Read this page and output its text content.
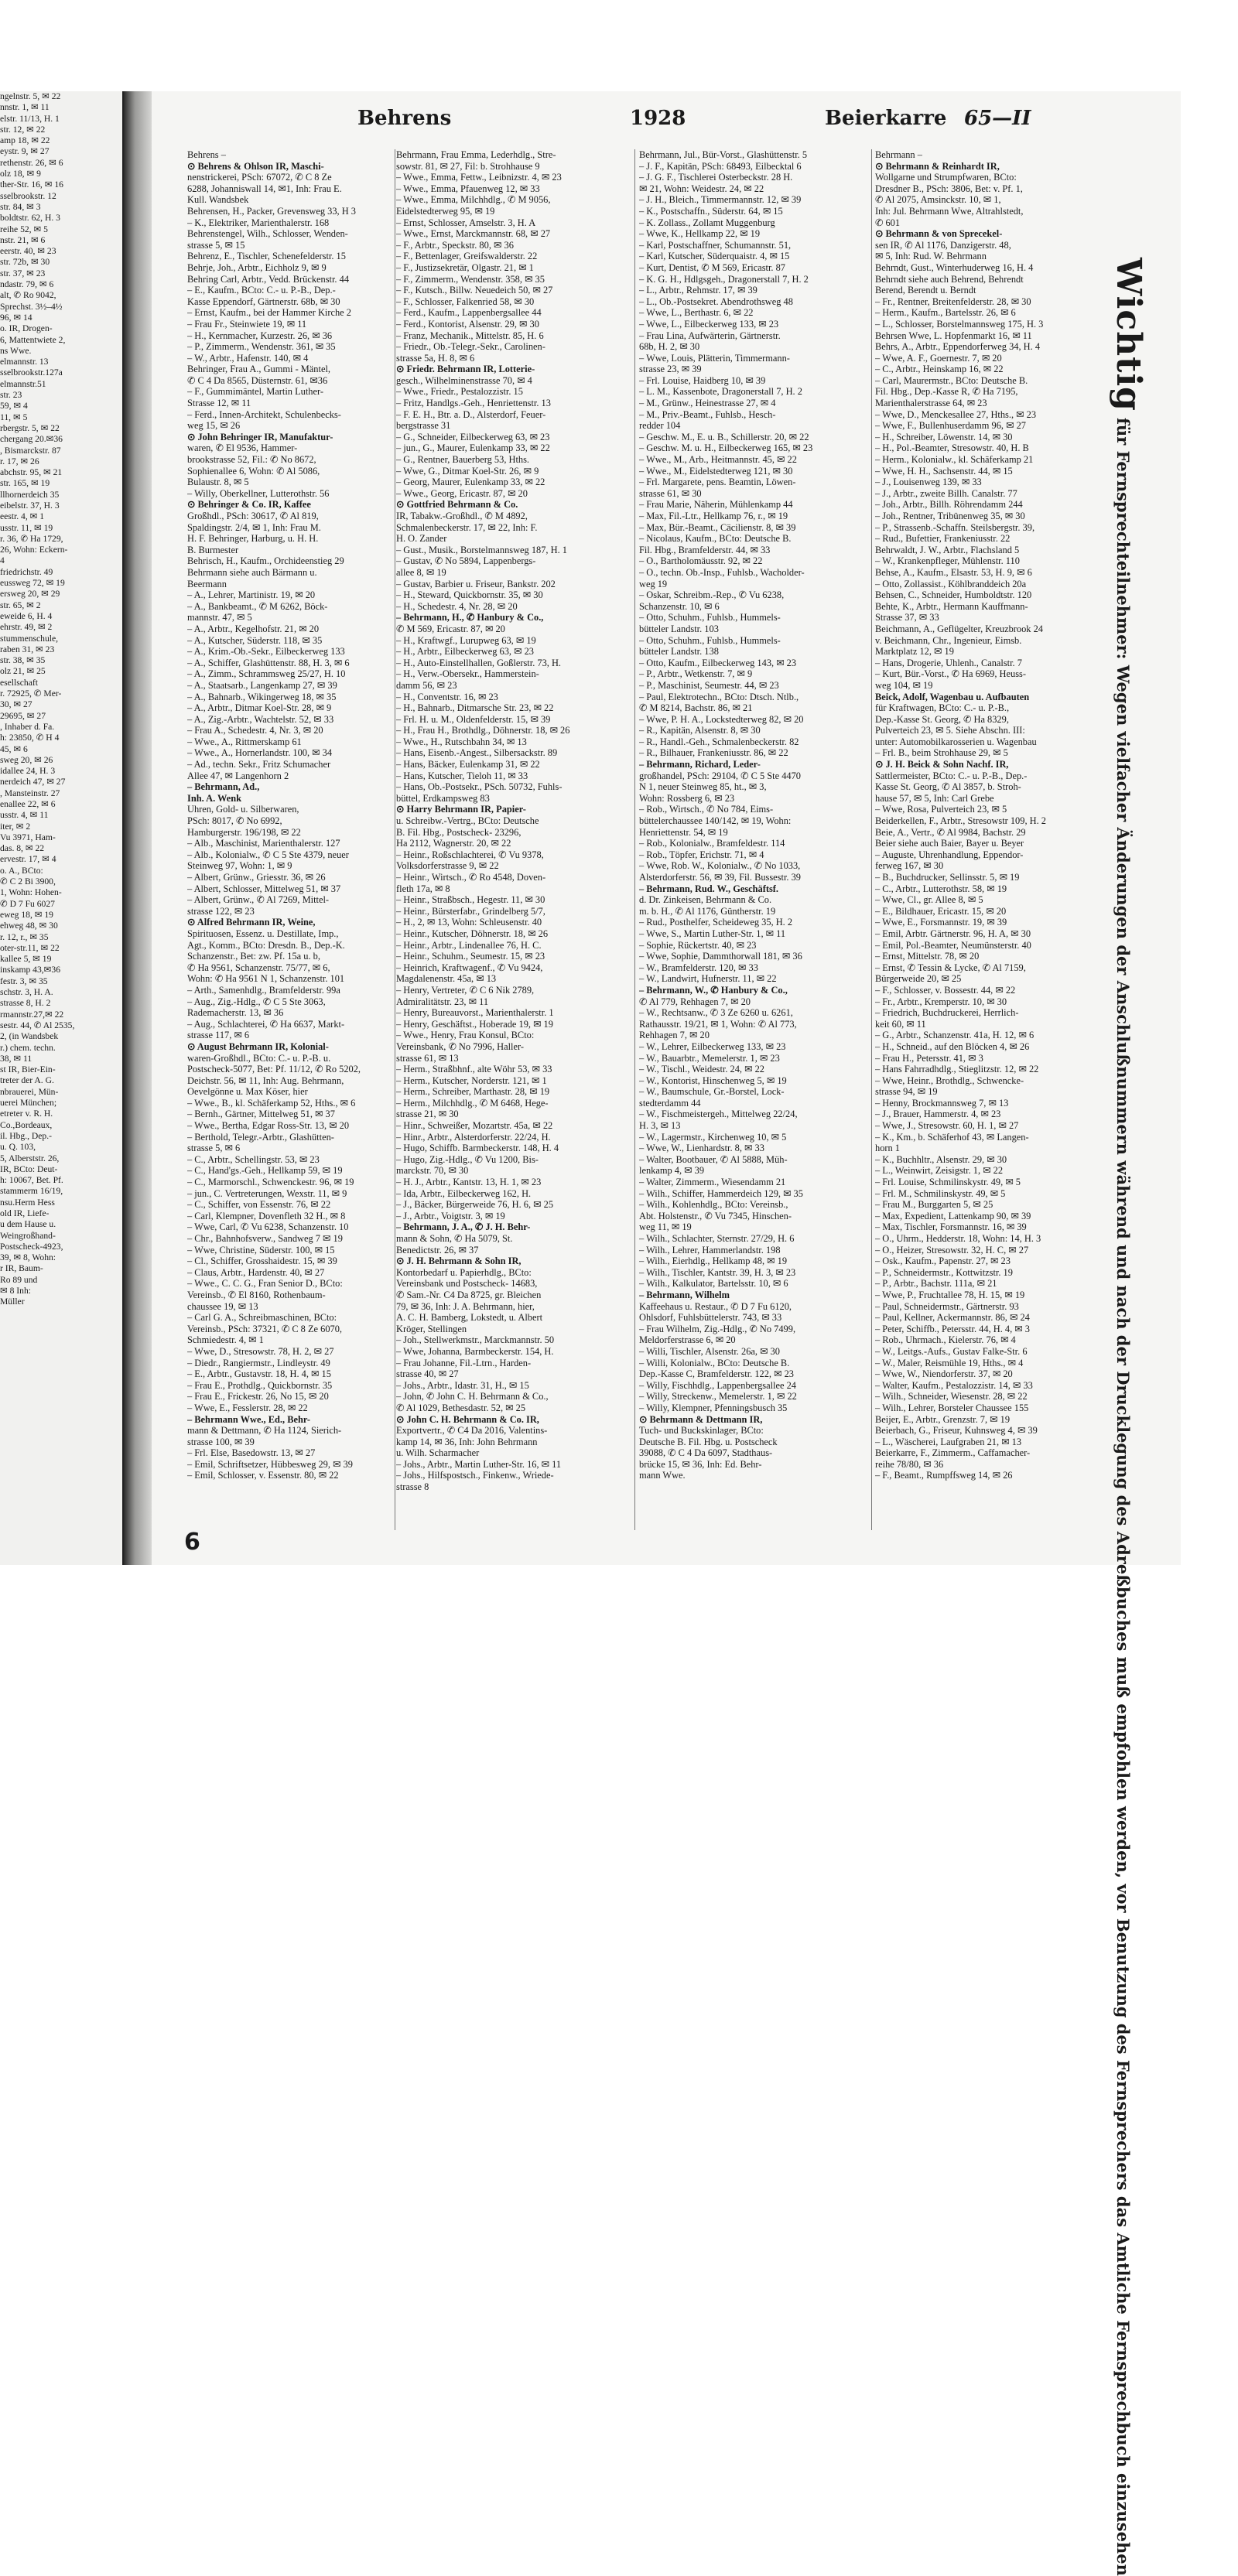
ngelnstr. 5, ✉ 22
nnstr. 1, ✉ 11
elstr. 11/13, H. 1
str. 12, ✉ 22
amp 18, ✉ 22
eystr. 9, ✉ 27
rethenstr. 26, ✉ 6
olz 18, ✉ 9
ther-Str. 16, ✉ 16
sselbrookstr. 12
str. 84, ✉ 3
boldtstr. 62, H. 3
reihe 52, ✉ 5
nstr. 21, ✉ 6
eerstr. 40, ✉ 23
str. 72b, ✉ 30
str. 37, ✉ 23
ndastr. 79, ✉ 6
alt, ✆ Ro 9042,
Sprechst. 3½–4½
96, ✉ 14
o. IR, Drogen-
6, Mattentwiete 2,
ns Wwe.
elmannstr. 13
sselbrookstr.127a
elmannstr.51
str. 23
59, ✉ 4
11, ✉ 5
rbergstr. 5, ✉ 22
chergang 20.✉36
, Bismarckstr. 87
r. 17, ✉ 26
abchstr. 95, ✉ 21
str. 165, ✉ 19
llhornerdeich 35
eibelstr. 37, H. 3
eestr. 4, ✉ 1
usstr. 11, ✉ 19
r. 36, ✆ Ha 1729,
26, Wohn: Eckern-
4
friedrichstr. 49
eussweg 72, ✉ 19
ersweg 20, ✉ 29
str. 65, ✉ 2
eweide 6, H. 4
ehrstr. 49, ✉ 2
stummenschule,
raben 31, ✉ 23
str. 38, ✉ 35
olz 21, ✉ 25
esellschaft
r. 72925, ✆ Mer-
30, ✉ 27
29695, ✉ 27
, Inhaber d. Fa.
h: 23850, ✆ H 4
45, ✉ 6
sweg 20, ✉ 26
idallee 24, H. 3
nerdeich 47, ✉ 27
, Mansteinstr. 27
enallee 22, ✉ 6
usstr. 4, ✉ 11
iter, ✉ 2
Vu 3971, Ham-
das. 8, ✉ 22
ervestr. 17, ✉ 4
o. A., BCto:
✆ C 2 Bi 3900,
1, Wohn: Hohen-
✆ D 7 Fu 6027
eweg 18, ✉ 19
ehweg 48, ✉ 30
r. 12, r., ✉ 35
oter-str.11, ✉ 22
kallee 5, ✉ 19
inskamp 43,✉36
festr. 3, ✉ 35
schstr. 3, H. A.
strasse 8, H. 2
rmannstr.27,✉ 22
sestr. 44, ✆ Al 2535,
2, (in Wandsbek
r.) chem. techn.
38, ✉ 11
st IR, Bier-Ein-
treter der A. G.
nbrauerei, Mün-
uerei München;
etreter v. R. H.
Co.,Bordeaux,
il. Hbg., Dep.-
u. Q. 103,
5, Alberststr. 26,
IR, BCto: Deut-
h: 10067, Bet. Pf.
stammerm 16/19,
nsu.Herm Hess
old IR, Liefe-
u dem Hause u.
Weingroßhand-
Postscheck-4923,
39, ✉ 8, Wohn:
r IR, Baum-
Ro 89 und
✉ 8 Inh:
Müller
Behrens	1928	Beierkarre 65—II
Behrens –
⊙ Behrens & Ohlson IR, Maschi-
nenstrickerei, PSch: 67072, ✆ C 8 Ze
6288, Johanniswall 14, ✉1, Inh: Frau E.
Kull. Wandsbek
Behrensen, H., Packer, Grevensweg 33, H 3
– K., Elektriker, Marienthalerstr. 168
Behrenstengel, Wilh., Schlosser, Wenden-
strasse 5, ✉ 15
Behrenz, E., Tischler, Schenefelderstr. 15
Behrje, Joh., Arbtr., Eichholz 9, ✉ 9
Behring Carl, Arbtr., Vedd. Brückenstr. 44
– E., Kaufm., BCto: C.- u. P.-B., Dep.-
Kasse Eppendorf, Gärtnerstr. 68b, ✉ 30
– Ernst, Kaufm., bei der Hammer Kirche 2
– Frau Fr., Steinwiete 19, ✉ 11
– H., Kernmacher, Kurzestr. 26, ✉ 36
– P., Zimmerm., Wendenstr. 361, ✉ 35
– W., Arbtr., Hafenstr. 140, ✉ 4
Behringer, Frau A., Gummi - Mäntel,
✆ C 4 Da 8565, Düsternstr. 61, ✉36
– F., Gummimäntel, Martin Luther-
Strasse 12, ✉ 11
– Ferd., Innen-Architekt, Schulenbecks-
weg 15, ✉ 26
⊙ John Behringer IR, Manufaktur-
waren, ✆ El 9536, Hammer-
brookstrasse 52, Fil.: ✆ No 8672,
Sophienallee 6, Wohn: ✆ Al 5086,
Bulaustr. 8, ✉ 5
– Willy, Oberkellner, Lutterothstr. 56
⊙ Behringer & Co. IR, Kaffee
Großhdl., PSch: 30617, ✆ Al 819,
Spaldingstr. 2/4, ✉ 1, Inh: Frau M.
H. F. Behringer, Harburg, u. H. H.
B. Burmester
Behrisch, H., Kaufm., Orchideenstieg 29
Behrmann siehe auch Bärmann u.
Beermann
– A., Lehrer, Martinistr. 19, ✉ 20
– A., Bankbeamt., ✆ M 6262, Böck-
mannstr. 47, ✉ 5
– A., Arbtr., Kegelhofstr. 21, ✉ 20
– A., Kutscher, Süderstr. 118, ✉ 35
– A., Krim.-Ob.-Sekr., Eilbeckerweg 133
– A., Schiffer, Glashüttenstr. 88, H. 3, ✉ 6
– A., Zimm., Schrammsweg 25/27, H. 10
– A., Staatsarb., Langenkamp 27, ✉ 39
– A., Bahnarb., Wikingerweg 18, ✉ 35
– A., Arbtr., Ditmar Koel-Str. 28, ✉ 9
– A., Zig.-Arbtr., Wachtelstr. 52, ✉ 33
– Frau A., Schedestr. 4, Nr. 3, ✉ 20
– Wwe., A., Rittmerskamp 61
– Wwe., A., Hornerlandstr. 100, ✉ 34
– Ad., techn. Sekr., Fritz Schumacher
Allee 47, ✉ Langenhorn 2
– Behrmann, Ad.,
Inh. A. Wenk
Uhren, Gold- u. Silberwaren,
PSch: 8017, ✆ No 6992,
Hamburgerstr. 196/198, ✉ 22
– Alb., Maschinist, Marienthalerstr. 127
– Alb., Kolonialw., ✆ C 5 Ste 4379, neuer
Steinweg 97, Wohn: 1, ✉ 9
– Albert, Grünw., Griesstr. 36, ✉ 26
– Albert, Schlosser, Mittelweg 51, ✉ 37
– Albert, Grünw., ✆ Al 7269, Mittel-
strasse 122, ✉ 23
⊙ Alfred Behrmann IR, Weine,
Spirituosen, Essenz. u. Destillate, Imp.,
Agt., Komm., BCto: Dresdn. B., Dep.-K.
Schanzenstr., Bet: zw. Pf. 15a u. b,
✆ Ha 9561, Schanzenstr. 75/77, ✉ 6,
Wohn: ✆ Ha 9561 N 1, Schanzenstr. 101
– Arth., Samenhdlg., Bramfelderstr. 99a
– Aug., Zig.-Hdlg., ✆ C 5 Ste 3063,
Rademacherstr. 13, ✉ 36
– Aug., Schlachterei, ✆ Ha 6637, Markt-
strasse 117, ✉ 6
⊙ August Behrmann IR, Kolonial-
waren-Großhdl., BCto: C.- u. P.-B. u.
Postscheck-5077, Bet: Pf. 11/12, ✆ Ro 5202,
Deichstr. 56, ✉ 11, Inh: Aug. Behrmann,
Oevelgönne u. Max Köser, hier
– Wwe., B., kl. Schäferkamp 52, Hths., ✉ 6
– Bernh., Gärtner, Mittelweg 51, ✉ 37
– Wwe., Bertha, Edgar Ross-Str. 13, ✉ 20
– Berthold, Telegr.-Arbtr., Glashütten-
strasse 5, ✉ 6
– C., Arbtr., Schellingstr. 53, ✉ 23
– C., Hand'gs.-Geh., Hellkamp 59, ✉ 19
– C., Marmorschl., Schwenckestr. 96, ✉ 19
– jun., C. Vertreterungen, Wexstr. 11, ✉ 9
– C., Schiffer, von Essenstr. 76, ✉ 22
– Carl, Klempner, Dovenfleth 32 H., ✉ 8
– Wwe, Carl, ✆ Vu 6238, Schanzenstr. 10
– Chr., Bahnhofsverw., Sandweg 7 ✉ 19
– Wwe, Christine, Süderstr. 100, ✉ 15
– Cl., Schiffer, Grosshaidestr. 15, ✉ 39
– Claus, Arbtr., Hardenstr. 40, ✉ 27
– Wwe., C. C. G., Fran Senior D., BCto:
Vereinsb., ✆ El 8160, Rothenbaum-
chaussee 19, ✉ 13
– Carl G. A., Schreibmaschinen, BCto:
Vereinsb., PSch: 37321, ✆ C 8 Ze 6070,
Schmiedestr. 4, ✉ 1
– Wwe, D., Stresowstr. 78, H. 2, ✉ 27
– Diedr., Rangiermstr., Lindleystr. 49
– E., Arbtr., Gustavstr. 18, H. 4, ✉ 15
– Frau E., Prothdlg., Quickbornstr. 35
– Frau E., Frickestr. 26, No 15, ✉ 20
– Wwe, E., Fesslerstr. 28, ✉ 22
– Behrmann Wwe., Ed., Behr-
mann & Dettmann, ✆ Ha 1124, Sierich-
strasse 100, ✉ 39
– Frl. Else, Basedowstr. 13, ✉ 27
– Emil, Schriftsetzer, Hübbesweg 29, ✉ 39
– Emil, Schlosser, v. Essenstr. 80, ✉ 22
Behrmann, Frau Emma, Lederhdlg., Stre-
sowstr. 81, ✉ 27, Fil: b. Strohhause 9
– Wwe., Emma, Fettw., Leibnizstr. 4, ✉ 23
– Wwe., Emma, Pfauenweg 12, ✉ 33
– Wwe., Emma, Milchhdlg., ✆ M 9056,
Eidelstedterweg 95, ✉ 19
– Ernst, Schlosser, Amselstr. 3, H. A
– Wwe., Ernst, Marckmannstr. 68, ✉ 27
– F., Arbtr., Speckstr. 80, ✉ 36
– F., Bettenlager, Greifswalderstr. 22
– F., Justizsekretär, Olgastr. 21, ✉ 1
– F., Zimmerm., Wendenstr. 358, ✉ 35
– F., Kutsch., Billw. Neuedeich 50, ✉ 27
– F., Schlosser, Falkenried 58, ✉ 30
– Ferd., Kaufm., Lappenbergsallee 44
– Ferd., Kontorist, Alsenstr. 29, ✉ 30
– Franz, Mechanik., Mittelstr. 85, H. 6
– Friedr., Ob.-Telegr.-Sekr., Carolinen-
strasse 5a, H. 8, ✉ 6
⊙ Friedr. Behrmann IR, Lotterie-
gesch., Wilhelminenstrasse 70, ✉ 4
– Wwe., Friedr., Pestalozzistr. 15
– Fritz, Handlgs.-Geh., Henriettenstr. 13
– F. E. H., Btr. a. D., Alsterdorf, Feuer-
bergstrasse 31
– G., Schneider, Eilbeckerweg 63, ✉ 23
– jun., G., Maurer, Eulenkamp 33, ✉ 22
– G., Rentner, Bauerberg 53, Hths.
– Wwe, G., Ditmar Koel-Str. 26, ✉ 9
– Georg, Maurer, Eulenkamp 33, ✉ 22
– Wwe., Georg, Ericastr. 87, ✉ 20
⊙ Gottfried Behrmann & Co.
IR, Tabakw.-Großhdl., ✆ M 4892,
Schmalenbeckerstr. 17, ✉ 22, Inh: F.
H. O. Zander
– Gust., Musik., Borstelmannsweg 187, H. 1
– Gustav, ✆ No 5894, Lappenbergs-
allee 8, ✉ 19
– Gustav, Barbier u. Friseur, Bankstr. 202
– H., Steward, Quickbornstr. 35, ✉ 30
– H., Schedestr. 4, Nr. 28, ✉ 20
– Behrmann, H., ✆ Hanbury & Co.,
✆ M 569, Ericastr. 87, ✉ 20
– H., Kraftwgf., Lurupweg 63, ✉ 19
– H., Arbtr., Eilbeckerweg 63, ✉ 23
– H., Auto-Einstellhallen, Goßlerstr. 73, H.
– H., Verw.-Obersekr., Hammerstein-
damm 56, ✉ 23
– H., Conventstr. 16, ✉ 23
– H., Bahnarb., Ditmarsche Str. 23, ✉ 22
– Frl. H. u. M., Oldenfelderstr. 15, ✉ 39
– H., Frau H., Brothdlg., Döhnerstr. 18, ✉ 26
– Wwe., H., Rutschbahn 34, ✉ 13
– Hans, Eisenb.-Angest., Silbersackstr. 89
– Hans, Bäcker, Eulenkamp 31, ✉ 22
– Hans, Kutscher, Tieloh 11, ✉ 33
– Hans, Ob.-Postsekr., PSch. 50732, Fuhls-
büttel, Erdkampsweg 83
⊙ Harry Behrmann IR, Papier-
u. Schreibw.-Vertrg., BCto: Deutsche
B. Fil. Hbg., Postscheck- 23296,
Ha 2112, Wagnerstr. 20, ✉ 22
– Heinr., Roßschlachterei, ✆ Vu 9378,
Volksdorferstrasse 9, ✉ 22
– Heinr., Wirtsch., ✆ Ro 4548, Doven-
fleth 17a, ✉ 8
– Heinr., Straßbsch., Hegestr. 11, ✉ 30
– Heinr., Bürsterfabr., Grindelberg 5/7,
– H., 2, ✉ 13, Wohn: Schleusenstr. 40
– Heinr., Kutscher, Döhnerstr. 18, ✉ 26
– Heinr., Arbtr., Lindenallee 76, H. C.
– Heinr., Schuhm., Seumestr. 15, ✉ 23
– Heinrich, Kraftwagenf., ✆ Vu 9424,
Magdalenenstr. 45a, ✉ 13
– Henry, Vertreter, ✆ C 6 Nik 2789,
Admiralitätstr. 23, ✉ 11
– Henry, Bureauvorst., Marienthalerstr. 1
– Henry, Geschäftst., Hoberade 19, ✉ 19
– Wwe., Henry, Frau Konsul, BCto:
Vereinsbank, ✆ No 7996, Haller-
strasse 61, ✉ 13
– Herm., Straßbhnf., alte Wöhr 53, ✉ 33
– Herm., Kutscher, Norderstr. 121, ✉ 1
– Herm., Schreiber, Marthastr. 28, ✉ 19
– Herm., Milchhdlg., ✆ M 6468, Hege-
strasse 21, ✉ 30
– Hinr., Schweißer, Mozartstr. 45a, ✉ 22
– Hinr., Arbtr., Alsterdorferstr. 22/24, H.
– Hugo, Schiffb. Barmbeckerstr. 148, H. 4
– Hugo, Zig.-Hdlg., ✆ Vu 1200, Bis-
marckstr. 70, ✉ 30
– H. J., Arbtr., Kantstr. 13, H. 1, ✉ 23
– Ida, Arbtr., Eilbeckerweg 162, H.
– J., Bäcker, Bürgerweide 76, H. 6, ✉ 25
– J., Arbtr., Voigtstr. 3, ✉ 19
– Behrmann, J. A., ✆ J. H. Behr-
mann & Sohn, ✆ Ha 5079, St.
Benedictstr. 26, ✉ 37
⊙ J. H. Behrmann & Sohn IR,
Kontorbedarf u. Papierhdlg., BCto:
Vereinsbank und Postscheck- 14683,
✆ Sam.-Nr. C4 Da 8725, gr. Bleichen
79, ✉ 36, Inh: J. A. Behrmann, hier,
A. C. H. Bamberg, Lokstedt, u. Albert
Kröger, Stellingen
– Joh., Stellwerkmstr., Marckmannstr. 50
– Wwe, Johanna, Barmbeckerstr. 154, H.
– Frau Johanne, Fil.-Ltrn., Harden-
strasse 40, ✉ 27
– Johs., Arbtr., Idastr. 31, H., ✉ 15
– John, ✆ John C. H. Behrmann & Co.,
✆ Al 1029, Bethesdastr. 52, ✉ 25
⊙ John C. H. Behrmann & Co. IR,
Exportvertr., ✆ C4 Da 2016, Valentins-
kamp 14, ✉ 36, Inh: John Behrmann
u. Wilh. Scharmacher
– Johs., Arbtr., Martin Luther-Str. 16, ✉ 11
– Johs., Hilfspostsch., Finkenw., Wriede-
strasse 8
Behrmann, Jul., Bür-Vorst., Glashüttenstr. 5
– J. F., Kapitän, PSch: 68493, Eilbecktal 6
– J. G. F., Tischlerei Osterbeckstr. 28 H.
✉ 21, Wohn: Weidestr. 24, ✉ 22
– J. H., Bleich., Timmermannstr. 12, ✉ 39
– K., Postschaffn., Süderstr. 64, ✉ 15
– K. Zollass., Zollamt Muggenburg
– Wwe, K., Hellkamp 22, ✉ 19
– Karl, Postschaffner, Schumannstr. 51,
– Karl, Kutscher, Süderquaistr. 4, ✉ 15
– Kurt, Dentist, ✆ M 569, Ericastr. 87
– K. G. H., Hdlgsgeh., Dragonerstall 7, H. 2
– L., Arbtr., Rehmstr. 17, ✉ 39
– L., Ob.-Postsekret. Abendrothsweg 48
– Wwe, L., Berthastr. 6, ✉ 22
– Wwe, L., Eilbeckerweg 133, ✉ 23
– Frau Lina, Aufwärterin, Gärtnerstr.
68b, H. 2, ✉ 30
– Wwe, Louis, Plätterin, Timmermann-
strasse 23, ✉ 39
– Frl. Louise, Haidberg 10, ✉ 39
– L. M., Kassenbote, Dragonerstall 7, H. 2
– M., Grünw., Heinestrasse 27, ✉ 4
– M., Priv.-Beamt., Fuhlsb., Hesch-
redder 104
– Geschw. M., E. u. B., Schillerstr. 20, ✉ 22
– Geschw. M. u. H., Eilbeckerweg 165, ✉ 23
– Wwe., M., Arb., Heitmannstr. 45, ✉ 22
– Wwe., M., Eidelstedterweg 121, ✉ 30
– Frl. Margarete, pens. Beamtin, Löwen-
strasse 61, ✉ 30
– Frau Marie, Näherin, Mühlenkamp 44
– Max, Fil.-Ltr., Hellkamp 76, r., ✉ 19
– Max, Bür.-Beamt., Cäcilienstr. 8, ✉ 39
– Nicolaus, Kaufm., BCto: Deutsche B.
Fil. Hbg., Bramfelderstr. 44, ✉ 33
– O., Bartholomäusstr. 92, ✉ 22
– O., techn. Ob.-Insp., Fuhlsb., Wacholder-
weg 19
– Oskar, Schreibm.-Rep., ✆ Vu 6238,
Schanzenstr. 10, ✉ 6
– Otto, Schuhm., Fuhlsb., Hummels-
bütteler Landstr. 103
– Otto, Schuhm., Fuhlsb., Hummels-
bütteler Landstr. 138
– Otto, Kaufm., Eilbeckerweg 143, ✉ 23
– P., Arbtr., Wetkenstr. 7, ✉ 9
– P., Maschinist, Seumestr. 44, ✉ 23
– Paul, Elektrotechn., BCto: Dtsch. Ntlb.,
✆ M 8214, Bachstr. 86, ✉ 21
– Wwe, P. H. A., Lockstedterweg 82, ✉ 20
– R., Kapitän, Alsenstr. 8, ✉ 30
– R., Handl.-Geh., Schmalenbeckerstr. 82
– R., Bilhauer, Frankeniusstr. 86, ✉ 22
– Behrmann, Richard, Leder-
großhandel, PSch: 29104, ✆ C 5 Ste 4470
N 1, neuer Steinweg 85, ht., ✉ 3,
Wohn: Rossberg 6, ✉ 23
– Rob., Wirtsch., ✆ No 784, Eims-
büttelerchaussee 140/142, ✉ 19, Wohn:
Henriettenstr. 54, ✉ 19
– Rob., Kolonialw., Bramfeldestr. 114
– Rob., Töpfer, Erichstr. 71, ✉ 4
– Wwe, Rob. W., Kolonialw., ✆ No 1033,
Alsterdorferstr. 56, ✉ 39, Fil. Bussestr. 39
– Behrmann, Rud. W., Geschäftsf.
d. Dr. Zinkeisen, Behrmann & Co.
m. b. H., ✆ Al 1176, Güntherstr. 19
– Rud., Posthelfer, Scheideweg 35, H. 2
– Wwe, S., Martin Luther-Str. 1, ✉ 11
– Sophie, Rückertstr. 40, ✉ 23
– Wwe, Sophie, Dammthorwall 181, ✉ 36
– W., Bramfelderstr. 120, ✉ 33
– W., Landwirt, Hufnerstr. 11, ✉ 22
– Behrmann, W., ✆ Hanbury & Co.,
✆ Al 779, Rehhagen 7, ✉ 20
– W., Rechtsanw., ✆ 3 Ze 6260 u. 6261,
Rathausstr. 19/21, ✉ 1, Wohn: ✆ Al 773,
Rehhagen 7, ✉ 20
– W., Lehrer, Eilbeckerweg 133, ✉ 23
– W., Bauarbtr., Memelerstr. 1, ✉ 23
– W., Tischl., Weidestr. 24, ✉ 22
– W., Kontorist, Hinschenweg 5, ✉ 19
– W., Baumschule, Gr.-Borstel, Lock-
stedterdamm 44
– W., Fischmeistergeh., Mittelweg 22/24,
H. 3, ✉ 13
– W., Lagermstr., Kirchenweg 10, ✉ 5
– Wwe, W., Lienhardstr. 8, ✉ 33
– Walter, Bootbauer, ✆ Al 5888, Müh-
lenkamp 4, ✉ 39
– Walter, Zimmerm., Wiesendamm 21
– Wilh., Schiffer, Hammerdeich 129, ✉ 35
– Wilh., Kohlenhdlg., BCto: Vereinsb.,
Abt. Holstenstr., ✆ Vu 7345, Hinschen-
weg 11, ✉ 19
– Wilh., Schlachter, Sternstr. 27/29, H. 6
– Wilh., Lehrer, Hammerlandstr. 198
– Wilh., Eierhdlg., Hellkamp 48, ✉ 19
– Wilh., Tischler, Kantstr. 39, H. 3, ✉ 23
– Wilh., Kalkulator, Bartelsstr. 10, ✉ 6
– Behrmann, Wilhelm
Kaffeehaus u. Restaur., ✆ D 7 Fu 6120,
Ohlsdorf, Fuhlsbüttelerstr. 743, ✉ 33
– Frau Wilhelm, Zig.-Hdlg., ✆ No 7499,
Meldorferstrasse 6, ✉ 20
– Willi, Tischler, Alsenstr. 26a, ✉ 30
– Willi, Kolonialw., BCto: Deutsche B.
Dep.-Kasse C, Bramfelderstr. 122, ✉ 23
– Willy, Fischhdlg., Lappenbergsallee 24
– Willy, Streckenw., Memelerstr. 1, ✉ 22
– Willy, Klempner, Pfenningsbusch 35
⊙ Behrmann & Dettmann IR,
Tuch- und Buckskinlager, BCto:
Deutsche B. Fil. Hbg. u. Postscheck
39088, ✆ C 4 Da 6097, Stadthaus-
brücke 15, ✉ 36, Inh: Ed. Behr-
mann Wwe.
Behrmann –
⊙ Behrmann & Reinhardt IR,
Wollgarne und Strumpfwaren, BCto:
Dresdner B., PSch: 3806, Bet: v. Pf. 1,
✆ Al 2075, Amsinckstr. 10, ✉ 1,
Inh: Jul. Behrmann Wwe, Altrahlstedt,
✆ 601
⊙ Behrmann & von Sprecekel-
sen IR, ✆ Al 1176, Danzigerstr. 48,
✉ 5, Inh: Rud. W. Behrmann
Behrndt, Gust., Winterhuderweg 16, H. 4
Behrndt siehe auch Behrend, Behrendt
Berend, Berendt u. Berndt
– Fr., Rentner, Breitenfelderstr. 28, ✉ 30
– Herm., Kaufm., Bartelsstr. 26, ✉ 6
– L., Schlosser, Borstelmannsweg 175, H. 3
Behrsen Wwe, L. Hopfenmarkt 16, ✉ 11
Behrs, A., Arbtr., Eppendorferweg 34, H. 4
– Wwe, A. F., Goernestr. 7, ✉ 20
– C., Arbtr., Heinskamp 16, ✉ 22
– Carl, Maurermstr., BCto: Deutsche B.
Fil. Hbg., Dep.-Kasse R, ✆ Ha 7195,
Marienthalerstrasse 64, ✉ 23
– Wwe, D., Menckesallee 27, Hths., ✉ 23
– Wwe, F., Bullenhuserdamm 96, ✉ 27
– H., Schreiber, Löwenstr. 14, ✉ 30
– H., Pol.-Beamter, Stresowstr. 40, H. B
– Herm., Kolonialw., kl. Schäferkamp 21
– Wwe, H. H., Sachsenstr. 44, ✉ 15
– J., Louisenweg 139, ✉ 33
– J., Arbtr., zweite Billh. Canalstr. 77
– Joh., Arbtr., Billh. Röhrendamm 244
– Joh., Rentner, Tribünenweg 35, ✉ 30
– P., Strassenb.-Schaffn. Steilsbergstr. 39,
– Rud., Bufettier, Frankeniusstr. 22
Behrwaldt, J. W., Arbtr., Flachsland 5
– W., Krankenpfleger, Mühlenstr. 110
Behse, A., Kaufm., Elsastr. 53, H. 9, ✉ 6
– Otto, Zollassist., Köhlbranddeich 20a
Behsen, C., Schneider, Humboldtstr. 120
Behte, K., Arbtr., Hermann Kauffmann-
Strasse 37, ✉ 33
Beichmann, A., Geflügelter, Kreuzbrook 24
v. Beichmann, Chr., Ingenieur, Eimsb.
Marktplatz 12, ✉ 19
– Hans, Drogerie, Uhlenh., Canalstr. 7
– Kurt, Bür.-Vorst., ✆ Ha 6969, Heuss-
weg 104, ✉ 19
Beick, Adolf, Wagenbau u. Aufbauten
für Kraftwagen, BCto: C.- u. P.-B.,
Dep.-Kasse St. Georg, ✆ Ha 8329,
Pulverteich 23, ✉ 5. Siehe Abschn. III:
unter: Automobilkarosserien u. Wagenbau
– Frl. B., beim Strohhause 29, ✉ 5
⊙ J. H. Beick & Sohn Nachf. IR,
Sattlermeister, BCto: C.- u. P.-B., Dep.-
Kasse St. Georg, ✆ Al 3857, b. Stroh-
hause 57, ✉ 5, Inh: Carl Grebe
– Wwe, Rosa, Pulverteich 23, ✉ 5
Beiderkellen, F., Arbtr., Stresowstr 109, H. 2
Beie, A., Vertr., ✆ Al 9984, Bachstr. 29
Beier siehe auch Baier, Bayer u. Beyer
– Auguste, Uhrenhandlung, Eppendor-
ferweg 167, ✉ 30
– B., Buchdrucker, Sellinsstr. 5, ✉ 19
– C., Arbtr., Lutterothstr. 58, ✉ 19
– Wwe, Cl., gr. Allee 8, ✉ 5
– E., Bildhauer, Ericastr. 15, ✉ 20
– Wwe, E., Forsmannstr. 19, ✉ 39
– Emil, Arbtr. Gärtnerstr. 96, H. A, ✉ 30
– Emil, Pol.-Beamter, Neumünsterstr. 40
– Ernst, Mittelstr. 78, ✉ 20
– Ernst, ✆ Tessin & Lycke, ✆ Al 7159,
Bürgerweide 20, ✉ 25
– F., Schlosser, v. Bossestr. 44, ✉ 22
– Fr., Arbtr., Kremperstr. 10, ✉ 30
– Friedrich, Buchdruckerei, Herrlich-
keit 60, ✉ 11
– G., Arbtr., Schanzenstr. 41a, H. 12, ✉ 6
– H., Schneid., auf den Blöcken 4, ✉ 26
– Frau H., Petersstr. 41, ✉ 3
– Hans Fahrradhdlg., Stieglitzstr. 12, ✉ 22
– Wwe, Heinr., Brothdlg., Schwencke-
strasse 94, ✉ 19
– Henny, Brockmannsweg 7, ✉ 13
– J., Brauer, Hammerstr. 4, ✉ 23
– Wwe, J., Stresowstr. 60, H. 1, ✉ 27
– K., Km., b. Schäferhof 43, ✉ Langen-
horn 1
– K., Buchhltr., Alsenstr. 29, ✉ 30
– L., Weinwirt, Zeisigstr. 1, ✉ 22
– Frl. Louise, Schmilinskystr. 49, ✉ 5
– Frl. M., Schmilinskystr. 49, ✉ 5
– Frau M., Burggarten 5, ✉ 25
– Max, Expedient, Lattenkamp 90, ✉ 39
– Max, Tischler, Forsmannstr. 16, ✉ 39
– O., Uhrm., Hedderstr. 18, Wohn: 14, H. 3
– O., Heizer, Stresowstr. 32, H. C, ✉ 27
– Osk., Kaufm., Papenstr. 27, ✉ 23
– P., Schneidermstr., Kottwitzstr. 19
– P., Arbtr., Bachstr. 111a, ✉ 21
– Wwe, P., Fruchtallee 78, H. 15, ✉ 19
– Paul, Schneidermstr., Gärtnerstr. 93
– Paul, Kellner, Ackermannstr. 86, ✉ 24
– Peter, Schiffb., Petersstr. 44, H. 4, ✉ 3
– Rob., Uhrmach., Kielerstr. 76, ✉ 4
– W., Leitgs.-Aufs., Gustav Falke-Str. 6
– W., Maler, Reismühle 19, Hths., ✉ 4
– Wwe, W., Niendorferstr. 37, ✉ 20
– Walter, Kaufm., Pestalozzistr. 14, ✉ 33
– Wilh., Schneider, Wiesenstr. 28, ✉ 22
– Wilh., Lehrer, Borsteler Chaussee 155
Beijer, E., Arbtr., Grenzstr. 7, ✉ 19
Beierbach, G., Friseur, Kuhnsweg 4, ✉ 39
– L., Wäscherei, Laufgraben 21, ✉ 13
Beierkarre, F., Zimmerm., Caffamacher-
reihe 78/80, ✉ 36
– F., Beamt., Rumpffsweg 14, ✉ 26
Wichtigfür Fernsprechteilnehmer: Wegen vielfacher Änderungen der Anschlußnummern während und nach der Drucklegung des Adreßbuches muß empfohlen werden, vor Benutzung des Fernsprechers das Amtliche Fernsprechbuch einzusehen
6
